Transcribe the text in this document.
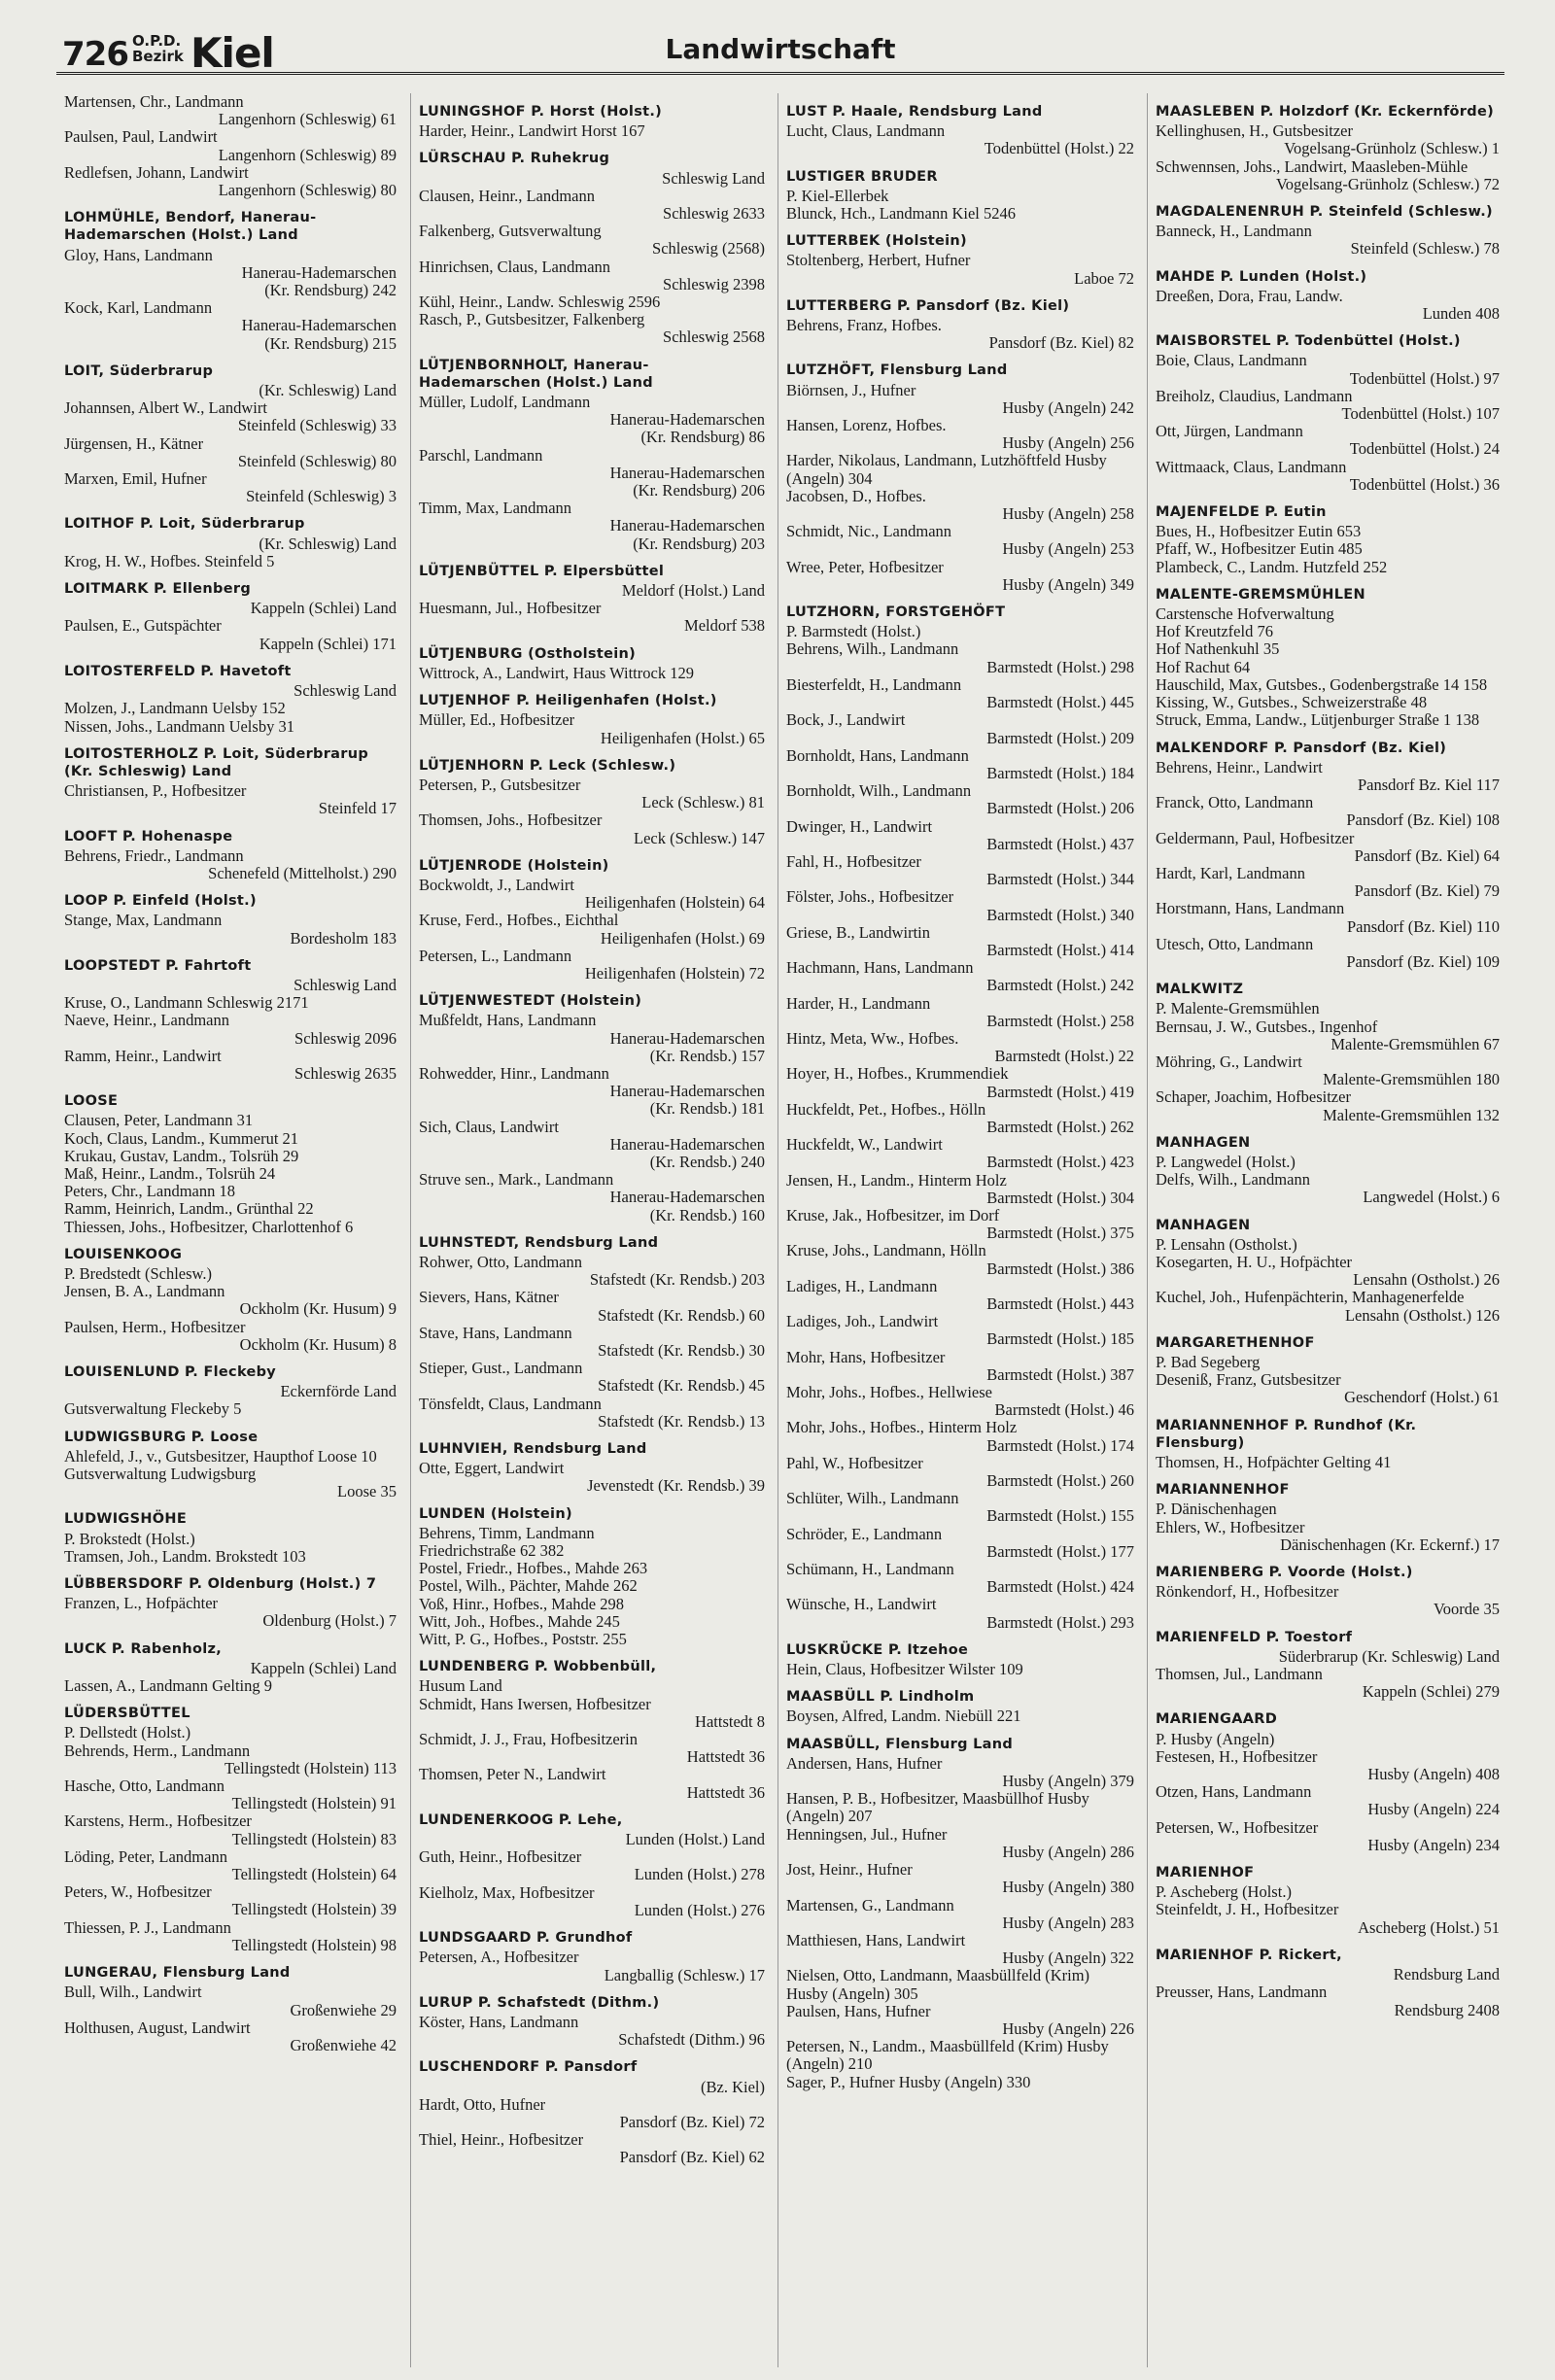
726 O.P.D.
Bezirk Kiel	Landwirtschaft
Martensen, Chr., Landmann
Langenhorn (Schleswig) 61
Paulsen, Paul, Landwirt
Langenhorn (Schleswig) 89
Redlefsen, Johann, Landwirt
Langenhorn (Schleswig) 80
LOHMÜHLE, Bendorf, Hanerau-Hademarschen (Holst.) Land
Gloy, Hans, Landmann
Hanerau-Hademarschen
(Kr. Rendsburg) 242
Kock, Karl, Landmann
Hanerau-Hademarschen
(Kr. Rendsburg) 215
LOIT, Süderbrarup
(Kr. Schleswig) Land
Johannsen, Albert W., Landwirt
Steinfeld (Schleswig) 33
Jürgensen, H., Kätner
Steinfeld (Schleswig) 80
Marxen, Emil, Hufner
Steinfeld (Schleswig) 3
LOITHOF P. Loit, Süderbrarup
(Kr. Schleswig) Land
Krog, H. W., Hofbes. Steinfeld 5
LOITMARK P. Ellenberg
Kappeln (Schlei) Land
Paulsen, E., Gutspächter
Kappeln (Schlei) 171
LOITOSTERFELD P. Havetoft
Schleswig Land
Molzen, J., Landmann Uelsby 152
Nissen, Johs., Landmann Uelsby 31
LOITOSTERHOLZ P. Loit, Süderbrarup (Kr. Schleswig) Land
Christiansen, P., Hofbesitzer
Steinfeld 17
LOOFT P. Hohenaspe
Behrens, Friedr., Landmann
Schenefeld (Mittelholst.) 290
LOOP P. Einfeld (Holst.)
Stange, Max, Landmann
Bordesholm 183
LOOPSTEDT P. Fahrtoft
Schleswig Land
Kruse, O., Landmann Schleswig 2171
Naeve, Heinr., Landmann
Schleswig 2096
Ramm, Heinr., Landwirt
Schleswig 2635
LOOSE
Clausen, Peter, Landmann 31
Koch, Claus, Landm., Kummerut 21
Krukau, Gustav, Landm., Tolsrüh 29
Maß, Heinr., Landm., Tolsrüh 24
Peters, Chr., Landmann 18
Ramm, Heinrich, Landm., Grünthal 22
Thiessen, Johs., Hofbesitzer, Charlottenhof 6
LOUISENKOOG
P. Bredstedt (Schlesw.)
Jensen, B. A., Landmann
Ockholm (Kr. Husum) 9
Paulsen, Herm., Hofbesitzer
Ockholm (Kr. Husum) 8
LOUISENLUND P. Fleckeby
Eckernförde Land
Gutsverwaltung Fleckeby 5
LUDWIGSBURG P. Loose
Ahlefeld, J., v., Gutsbesitzer, Haupthof Loose 10
Gutsverwaltung Ludwigsburg
Loose 35
LUDWIGSHÖHE
P. Brokstedt (Holst.)
Tramsen, Joh., Landm. Brokstedt 103
LÜBBERSDORF P. Oldenburg (Holst.) 7
Franzen, L., Hofpächter
Oldenburg (Holst.) 7
LUCK P. Rabenholz,
Kappeln (Schlei) Land
Lassen, A., Landmann Gelting 9
LÜDERSBÜTTEL
P. Dellstedt (Holst.)
Behrends, Herm., Landmann
Tellingstedt (Holstein) 113
Hasche, Otto, Landmann
Tellingstedt (Holstein) 91
Karstens, Herm., Hofbesitzer
Tellingstedt (Holstein) 83
Löding, Peter, Landmann
Tellingstedt (Holstein) 64
Peters, W., Hofbesitzer
Tellingstedt (Holstein) 39
Thiessen, P. J., Landmann
Tellingstedt (Holstein) 98
LUNGERAU, Flensburg Land
Bull, Wilh., Landwirt
Großenwiehe 29
Holthusen, August, Landwirt
Großenwiehe 42
LUNINGSHOF P. Horst (Holst.)
Harder, Heinr., Landwirt Horst 167
LÜRSCHAU P. Ruhekrug
Schleswig Land
Clausen, Heinr., Landmann
Schleswig 2633
Falkenberg, Gutsverwaltung
Schleswig (2568)
Hinrichsen, Claus, Landmann
Schleswig 2398
Kühl, Heinr., Landw. Schleswig 2596
Rasch, P., Gutsbesitzer, Falkenberg
Schleswig 2568
LÜTJENBORNHOLT, Hanerau-Hademarschen (Holst.) Land
Müller, Ludolf, Landmann
Hanerau-Hademarschen
(Kr. Rendsburg) 86
Parschl, Landmann
Hanerau-Hademarschen
(Kr. Rendsburg) 206
Timm, Max, Landmann
Hanerau-Hademarschen
(Kr. Rendsburg) 203
LÜTJENBÜTTEL P. Elpersbüttel
Meldorf (Holst.) Land
Huesmann, Jul., Hofbesitzer
Meldorf 538
LÜTJENBURG (Ostholstein)
Wittrock, A., Landwirt, Haus Wittrock 129
LUTJENHOF P. Heiligenhafen (Holst.)
Müller, Ed., Hofbesitzer
Heiligenhafen (Holst.) 65
LÜTJENHORN P. Leck (Schlesw.)
Petersen, P., Gutsbesitzer
Leck (Schlesw.) 81
Thomsen, Johs., Hofbesitzer
Leck (Schlesw.) 147
LÜTJENRODE (Holstein)
Bockwoldt, J., Landwirt
Heiligenhafen (Holstein) 64
Kruse, Ferd., Hofbes., Eichthal
Heiligenhafen (Holst.) 69
Petersen, L., Landmann
Heiligenhafen (Holstein) 72
LÜTJENWESTEDT (Holstein)
Mußfeldt, Hans, Landmann
Hanerau-Hademarschen
(Kr. Rendsb.) 157
Rohwedder, Hinr., Landmann
Hanerau-Hademarschen
(Kr. Rendsb.) 181
Sich, Claus, Landwirt
Hanerau-Hademarschen
(Kr. Rendsb.) 240
Struve sen., Mark., Landmann
Hanerau-Hademarschen
(Kr. Rendsb.) 160
LUHNSTEDT, Rendsburg Land
Rohwer, Otto, Landmann
Stafstedt (Kr. Rendsb.) 203
Sievers, Hans, Kätner
Stafstedt (Kr. Rendsb.) 60
Stave, Hans, Landmann
Stafstedt (Kr. Rendsb.) 30
Stieper, Gust., Landmann
Stafstedt (Kr. Rendsb.) 45
Tönsfeldt, Claus, Landmann
Stafstedt (Kr. Rendsb.) 13
LUHNVIEH, Rendsburg Land
Otte, Eggert, Landwirt
Jevenstedt (Kr. Rendsb.) 39
LUNDEN (Holstein)
Behrens, Timm, Landmann
Friedrichstraße 62 382
Postel, Friedr., Hofbes., Mahde 263
Postel, Wilh., Pächter, Mahde 262
Voß, Hinr., Hofbes., Mahde 298
Witt, Joh., Hofbes., Mahde 245
Witt, P. G., Hofbes., Poststr. 255
LUNDENBERG P. Wobbenbüll,
Husum Land
Schmidt, Hans Iwersen, Hofbesitzer
Hattstedt 8
Schmidt, J. J., Frau, Hofbesitzerin
Hattstedt 36
Thomsen, Peter N., Landwirt
Hattstedt 36
LUNDENERKOOG P. Lehe,
Lunden (Holst.) Land
Guth, Heinr., Hofbesitzer
Lunden (Holst.) 278
Kielholz, Max, Hofbesitzer
Lunden (Holst.) 276
LUNDSGAARD P. Grundhof
Petersen, A., Hofbesitzer
Langballig (Schlesw.) 17
LURUP P. Schafstedt (Dithm.)
Köster, Hans, Landmann
Schafstedt (Dithm.) 96
LUSCHENDORF P. Pansdorf
(Bz. Kiel)
Hardt, Otto, Hufner
Pansdorf (Bz. Kiel) 72
Thiel, Heinr., Hofbesitzer
Pansdorf (Bz. Kiel) 62
LUST P. Haale, Rendsburg Land
Lucht, Claus, Landmann
Todenbüttel (Holst.) 22
LUSTIGER BRUDER
P. Kiel-Ellerbek
Blunck, Hch., Landmann Kiel 5246
LUTTERBEK (Holstein)
Stoltenberg, Herbert, Hufner
Laboe 72
LUTTERBERG P. Pansdorf (Bz. Kiel)
Behrens, Franz, Hofbes.
Pansdorf (Bz. Kiel) 82
LUTZHÖFT, Flensburg Land
Biörnsen, J., Hufner
Husby (Angeln) 242
Hansen, Lorenz, Hofbes.
Husby (Angeln) 256
Harder, Nikolaus, Landmann, Lutzhöftfeld Husby (Angeln) 304
Jacobsen, D., Hofbes.
Husby (Angeln) 258
Schmidt, Nic., Landmann
Husby (Angeln) 253
Wree, Peter, Hofbesitzer
Husby (Angeln) 349
LUTZHORN, FORSTGEHÖFT
P. Barmstedt (Holst.)
Behrens, Wilh., Landmann
Barmstedt (Holst.) 298
Biesterfeldt, H., Landmann
Barmstedt (Holst.) 445
Bock, J., Landwirt
Barmstedt (Holst.) 209
Bornholdt, Hans, Landmann
Barmstedt (Holst.) 184
Bornholdt, Wilh., Landmann
Barmstedt (Holst.) 206
Dwinger, H., Landwirt
Barmstedt (Holst.) 437
Fahl, H., Hofbesitzer
Barmstedt (Holst.) 344
Fölster, Johs., Hofbesitzer
Barmstedt (Holst.) 340
Griese, B., Landwirtin
Barmstedt (Holst.) 414
Hachmann, Hans, Landmann
Barmstedt (Holst.) 242
Harder, H., Landmann
Barmstedt (Holst.) 258
Hintz, Meta, Ww., Hofbes.
Barmstedt (Holst.) 22
Hoyer, H., Hofbes., Krummendiek
Barmstedt (Holst.) 419
Huckfeldt, Pet., Hofbes., Hölln
Barmstedt (Holst.) 262
Huckfeldt, W., Landwirt
Barmstedt (Holst.) 423
Jensen, H., Landm., Hinterm Holz
Barmstedt (Holst.) 304
Kruse, Jak., Hofbesitzer, im Dorf
Barmstedt (Holst.) 375
Kruse, Johs., Landmann, Hölln
Barmstedt (Holst.) 386
Ladiges, H., Landmann
Barmstedt (Holst.) 443
Ladiges, Joh., Landwirt
Barmstedt (Holst.) 185
Mohr, Hans, Hofbesitzer
Barmstedt (Holst.) 387
Mohr, Johs., Hofbes., Hellwiese
Barmstedt (Holst.) 46
Mohr, Johs., Hofbes., Hinterm Holz
Barmstedt (Holst.) 174
Pahl, W., Hofbesitzer
Barmstedt (Holst.) 260
Schlüter, Wilh., Landmann
Barmstedt (Holst.) 155
Schröder, E., Landmann
Barmstedt (Holst.) 177
Schümann, H., Landmann
Barmstedt (Holst.) 424
Wünsche, H., Landwirt
Barmstedt (Holst.) 293
LUSKRÜCKE P. Itzehoe
Hein, Claus, Hofbesitzer Wilster 109
MAASBÜLL P. Lindholm
Boysen, Alfred, Landm. Niebüll 221
MAASBÜLL, Flensburg Land
Andersen, Hans, Hufner
Husby (Angeln) 379
Hansen, P. B., Hofbesitzer, Maasbüllhof Husby (Angeln) 207
Henningsen, Jul., Hufner
Husby (Angeln) 286
Jost, Heinr., Hufner
Husby (Angeln) 380
Martensen, G., Landmann
Husby (Angeln) 283
Matthiesen, Hans, Landwirt
Husby (Angeln) 322
Nielsen, Otto, Landmann, Maasbüllfeld (Krim) Husby (Angeln) 305
Paulsen, Hans, Hufner
Husby (Angeln) 226
Petersen, N., Landm., Maasbüllfeld (Krim) Husby (Angeln) 210
Sager, P., Hufner Husby (Angeln) 330
MAASLEBEN P. Holzdorf (Kr. Eckernförde)
Kellinghusen, H., Gutsbesitzer
Vogelsang-Grünholz (Schlesw.) 1
Schwennsen, Johs., Landwirt, Maasleben-Mühle
Vogelsang-Grünholz (Schlesw.) 72
MAGDALENENRUH P. Steinfeld (Schlesw.)
Banneck, H., Landmann
Steinfeld (Schlesw.) 78
MAHDE P. Lunden (Holst.)
Dreeßen, Dora, Frau, Landw.
Lunden 408
MAISBORSTEL P. Todenbüttel (Holst.)
Boie, Claus, Landmann
Todenbüttel (Holst.) 97
Breiholz, Claudius, Landmann
Todenbüttel (Holst.) 107
Ott, Jürgen, Landmann
Todenbüttel (Holst.) 24
Wittmaack, Claus, Landmann
Todenbüttel (Holst.) 36
MAJENFELDE P. Eutin
Bues, H., Hofbesitzer Eutin 653
Pfaff, W., Hofbesitzer Eutin 485
Plambeck, C., Landm. Hutzfeld 252
MALENTE-GREMSMÜHLEN
Carstensche Hofverwaltung
Hof Kreutzfeld 76
Hof Nathenkuhl 35
Hof Rachut 64
Hauschild, Max, Gutsbes., Godenbergstraße 14 158
Kissing, W., Gutsbes., Schweizerstraße 48
Struck, Emma, Landw., Lütjenburger Straße 1 138
MALKENDORF P. Pansdorf (Bz. Kiel)
Behrens, Heinr., Landwirt
Pansdorf Bz. Kiel 117
Franck, Otto, Landmann
Pansdorf (Bz. Kiel) 108
Geldermann, Paul, Hofbesitzer
Pansdorf (Bz. Kiel) 64
Hardt, Karl, Landmann
Pansdorf (Bz. Kiel) 79
Horstmann, Hans, Landmann
Pansdorf (Bz. Kiel) 110
Utesch, Otto, Landmann
Pansdorf (Bz. Kiel) 109
MALKWITZ
P. Malente-Gremsmühlen
Bernsau, J. W., Gutsbes., Ingenhof
Malente-Gremsmühlen 67
Möhring, G., Landwirt
Malente-Gremsmühlen 180
Schaper, Joachim, Hofbesitzer
Malente-Gremsmühlen 132
MANHAGEN
P. Langwedel (Holst.)
Delfs, Wilh., Landmann
Langwedel (Holst.) 6
MANHAGEN
P. Lensahn (Ostholst.)
Kosegarten, H. U., Hofpächter
Lensahn (Ostholst.) 26
Kuchel, Joh., Hufenpächterin, Manhagenerfelde
Lensahn (Ostholst.) 126
MARGARETHENHOF
P. Bad Segeberg
Deseniß, Franz, Gutsbesitzer
Geschendorf (Holst.) 61
MARIANNENHOF P. Rundhof (Kr. Flensburg)
Thomsen, H., Hofpächter Gelting 41
MARIANNENHOF
P. Dänischenhagen
Ehlers, W., Hofbesitzer
Dänischenhagen (Kr. Eckernf.) 17
MARIENBERG P. Voorde (Holst.)
Rönkendorf, H., Hofbesitzer
Voorde 35
MARIENFELD P. Toestorf
Süderbrarup (Kr. Schleswig) Land
Thomsen, Jul., Landmann
Kappeln (Schlei) 279
MARIENGAARD
P. Husby (Angeln)
Festesen, H., Hofbesitzer
Husby (Angeln) 408
Otzen, Hans, Landmann
Husby (Angeln) 224
Petersen, W., Hofbesitzer
Husby (Angeln) 234
MARIENHOF
P. Ascheberg (Holst.)
Steinfeldt, J. H., Hofbesitzer
Ascheberg (Holst.) 51
MARIENHOF P. Rickert,
Rendsburg Land
Preusser, Hans, Landmann
Rendsburg 2408
